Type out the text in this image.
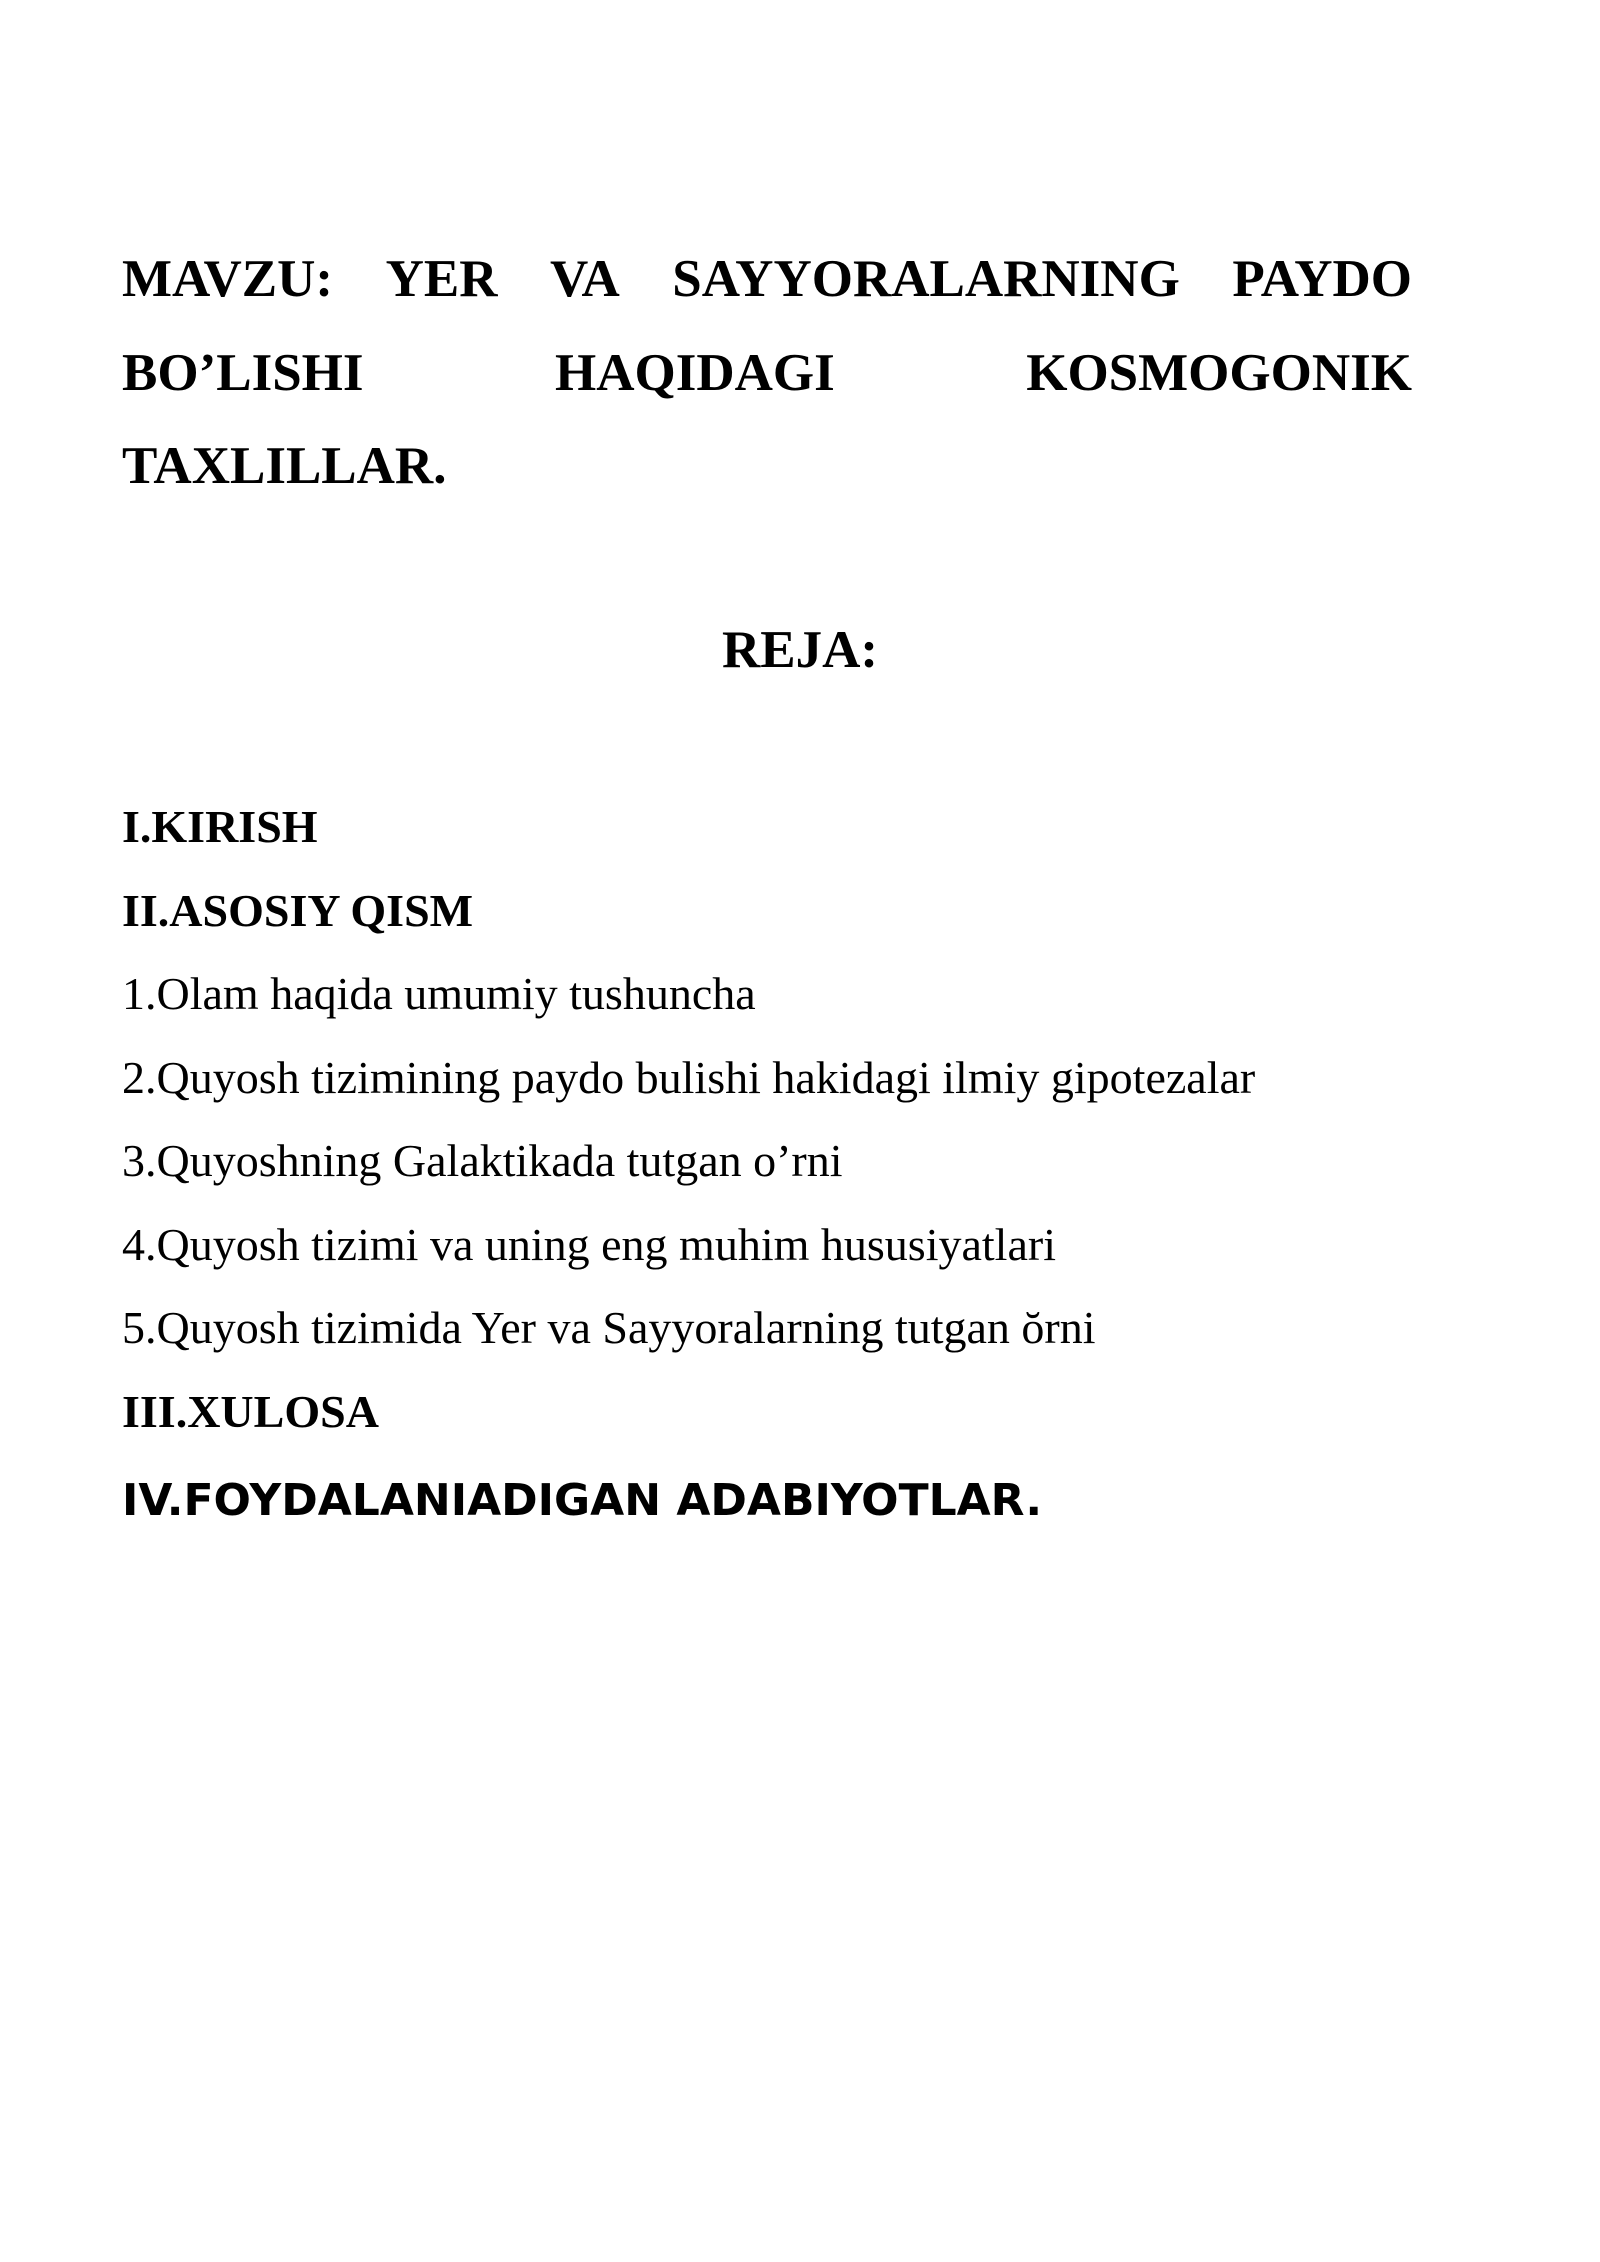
MAVZU: YER VA SAYYORALARNING PAYDO
BO’LISHI	HAQIDAGI	KOSMOGONIK
TAXLILLAR.
REJA:
I.KIRISH
II.ASOSIY QISM
1.Olam haqida umumiy tushuncha
2.Quyosh tizimining paydo bulishi hakidagi ilmiy gipotezalar
3.Quyoshning Galaktikada tutgan o’rni
4.Quyosh tizimi va uning eng muhim hususiyatlari
5.Quyosh tizimida Yer va Sayyoralarning tutgan ŏrni
III.XULOSA
IV.FOYDALANIADIGAN ADABIYOTLAR.
